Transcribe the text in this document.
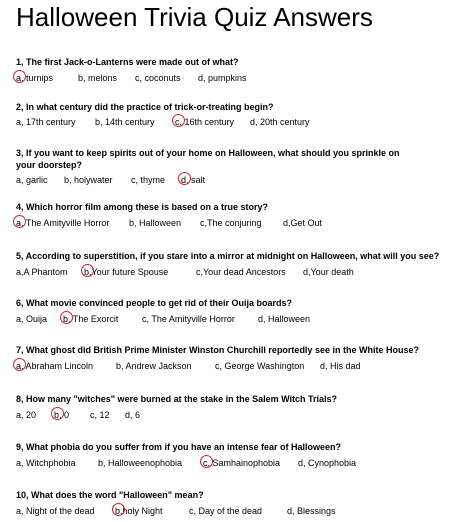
Halloween Trivia Quiz Answers
1, The first Jack-o-Lanterns were made out of what?
a, turnips	b, melons c, coconuts d, pumpkins
2, In what century did the practice of trick-or-treating begin?
a, 17th century b, 14th century c, 16th century d, 20th century
3, If you want to keep spirits out of your home on Halloween, what should you sprinkle on your doorstep?
a, garlic b, holywater c, thyme d, salt
4, Which horror film among these is based on a true story?
a, The Amityville Horror b, Halloween c,The conjuring d,Get Out
5, According to superstition, if you stare into a mirror at midnight on Halloween, what will you see?
a,A Phantom b,Your future Spouse	c,Your dead Ancestors d,Your death
6, What movie convinced people to get rid of their Ouija boards?
a, Ouija b, The Exorcit	c, The Amityville Horror	d, Halloween
7, What ghost did British Prime Minister Winston Churchill reportedly see in the White House?
a, Abraham Lincoln	b, Andrew Jackson	c, George Washington d, His dad
8, How many "witches" were burned at the stake in the Salem Witch Trials?
a, 20 b, 0 c, 12 d, 6
9, What phobia do you suffer from if you have an intense fear of Halloween?
a, Witchphobia b, Halloweenophobia c, Samhainophobia d, Cynophobia
10, What does the word "Halloween" mean?
a, Night of the dead b,holy Night	c, Day of the dead	d, Blessings
